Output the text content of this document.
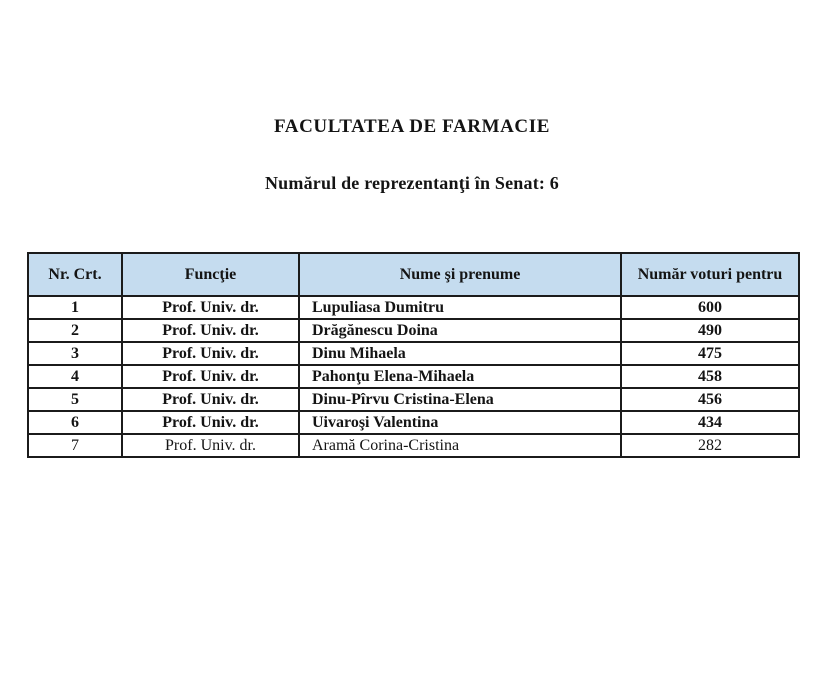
FACULTATEA DE FARMACIE
Numărul de reprezentanţi în Senat: 6
Nr. Crt.	Funcţie	Nume şi prenume	Număr voturi pentru
1	Prof. Univ. dr.	Lupuliasa Dumitru	600
2	Prof. Univ. dr.	Drăgănescu Doina	490
3	Prof. Univ. dr.	Dinu Mihaela	475
4	Prof. Univ. dr.	Pahonţu Elena-Mihaela	458
5	Prof. Univ. dr.	Dinu-Pîrvu Cristina-Elena	456
6	Prof. Univ. dr.	Uivaroşi Valentina	434
7	Prof. Univ. dr.	Aramă Corina-Cristina	282
